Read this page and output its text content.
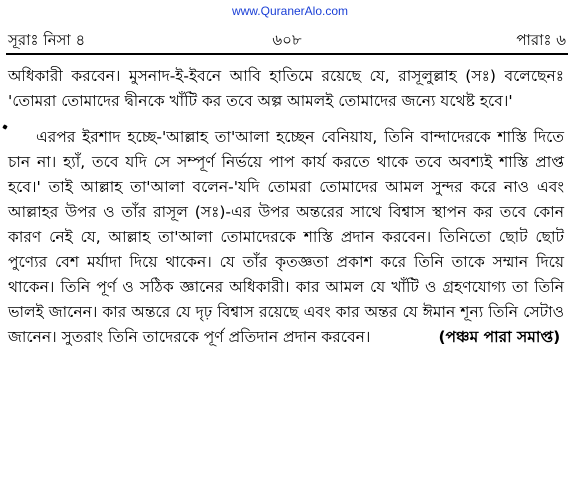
www.QuranerAlo.com
৬০৮
সূরাঃ নিসা ৪	পারাঃ ৬

অধিকারী করবেন। মুসনাদ-ই-ইবনে আবি হাতিমে রয়েছে যে, রাসূলুল্লাহ (সঃ) বলেছেনঃ 'তোমরা তোমাদের দ্বীনকে খাঁটি কর তবে অল্প আমলই তোমাদের জন্যে যথেষ্ট হবে।'

এরপর ইরশাদ হচ্ছে-'আল্লাহ তা'আলা হচ্ছেন বেনিয়ায, তিনি বান্দাদেরকে শাস্তি দিতে চান না। হ্যাঁ, তবে যদি সে সম্পূর্ণ নির্ভয়ে পাপ কার্য করতে থাকে তবে অবশ্যই শাস্তি প্রাপ্ত হবে।' তাই আল্লাহ তা'আলা বলেন-'যদি তোমরা তোমাদের আমল সুন্দর করে নাও এবং আল্লাহর উপর ও তাঁর রাসূল (সঃ)-এর উপর অন্তরের সাথে বিশ্বাস স্থাপন কর তবে কোন কারণ নেই যে, আল্লাহ তা'আলা তোমাদেরকে শাস্তি প্রদান করবেন। তিনিতো ছোট ছোট পুণ্যের বেশ মর্যাদা দিয়ে থাকেন। যে তাঁর কৃতজ্ঞতা প্রকাশ করে তিনি তাকে সম্মান দিয়ে থাকেন। তিনি পূর্ণ ও সঠিক জ্ঞানের অধিকারী। কার আমল যে খাঁটি ও গ্রহণযোগ্য তা তিনি ভালই জানেন। কার অন্তরে যে দৃঢ় বিশ্বাস রয়েছে এবং কার অন্তর যে ঈমান শূন্য তিনি সেটাও জানেন। সুতরাং তিনি তাদেরকে পূর্ণ প্রতিদান প্রদান করবেন।	(পঞ্চম পারা সমাপ্ত)
